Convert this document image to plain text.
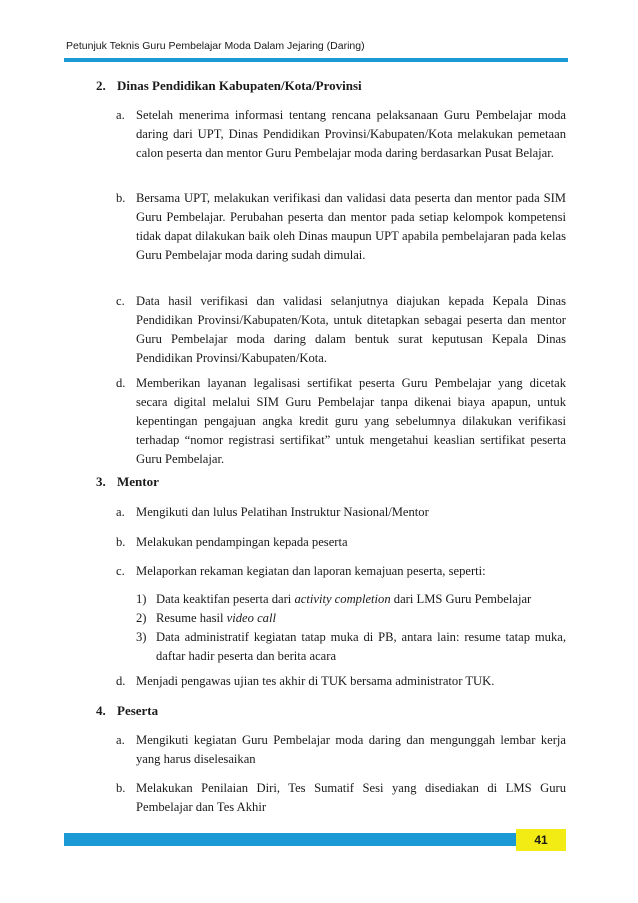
Petunjuk Teknis Guru Pembelajar Moda Dalam Jejaring (Daring)
2. Dinas Pendidikan Kabupaten/Kota/Provinsi
a. Setelah menerima informasi tentang rencana pelaksanaan Guru Pembelajar moda daring dari UPT, Dinas Pendidikan Provinsi/Kabupaten/Kota melakukan pemetaan calon peserta dan mentor Guru Pembelajar moda daring berdasarkan Pusat Belajar.
b. Bersama UPT, melakukan verifikasi dan validasi data peserta dan mentor pada SIM Guru Pembelajar. Perubahan peserta dan mentor pada setiap kelompok kompetensi tidak dapat dilakukan baik oleh Dinas maupun UPT apabila pembelajaran pada kelas Guru Pembelajar moda daring sudah dimulai.
c. Data hasil verifikasi dan validasi selanjutnya diajukan kepada Kepala Dinas Pendidikan Provinsi/Kabupaten/Kota, untuk ditetapkan sebagai peserta dan mentor Guru Pembelajar moda daring dalam bentuk surat keputusan Kepala Dinas Pendidikan Provinsi/Kabupaten/Kota.
d. Memberikan layanan legalisasi sertifikat peserta Guru Pembelajar yang dicetak secara digital melalui SIM Guru Pembelajar tanpa dikenai biaya apapun, untuk kepentingan pengajuan angka kredit guru yang sebelumnya dilakukan verifikasi terhadap “nomor registrasi sertifikat” untuk mengetahui keaslian sertifikat peserta Guru Pembelajar.
3. Mentor
a. Mengikuti dan lulus Pelatihan Instruktur Nasional/Mentor
b. Melakukan pendampingan kepada peserta
c. Melaporkan rekaman kegiatan dan laporan kemajuan peserta, seperti:
1) Data keaktifan peserta dari activity completion dari LMS Guru Pembelajar
2) Resume hasil video call
3) Data administratif kegiatan tatap muka di PB, antara lain: resume tatap muka, daftar hadir peserta dan berita acara
d. Menjadi pengawas ujian tes akhir di TUK bersama administrator TUK.
4. Peserta
a. Mengikuti kegiatan Guru Pembelajar moda daring dan mengunggah lembar kerja yang harus diselesaikan
b. Melakukan Penilaian Diri, Tes Sumatif Sesi yang disediakan di LMS Guru Pembelajar dan Tes Akhir
41
